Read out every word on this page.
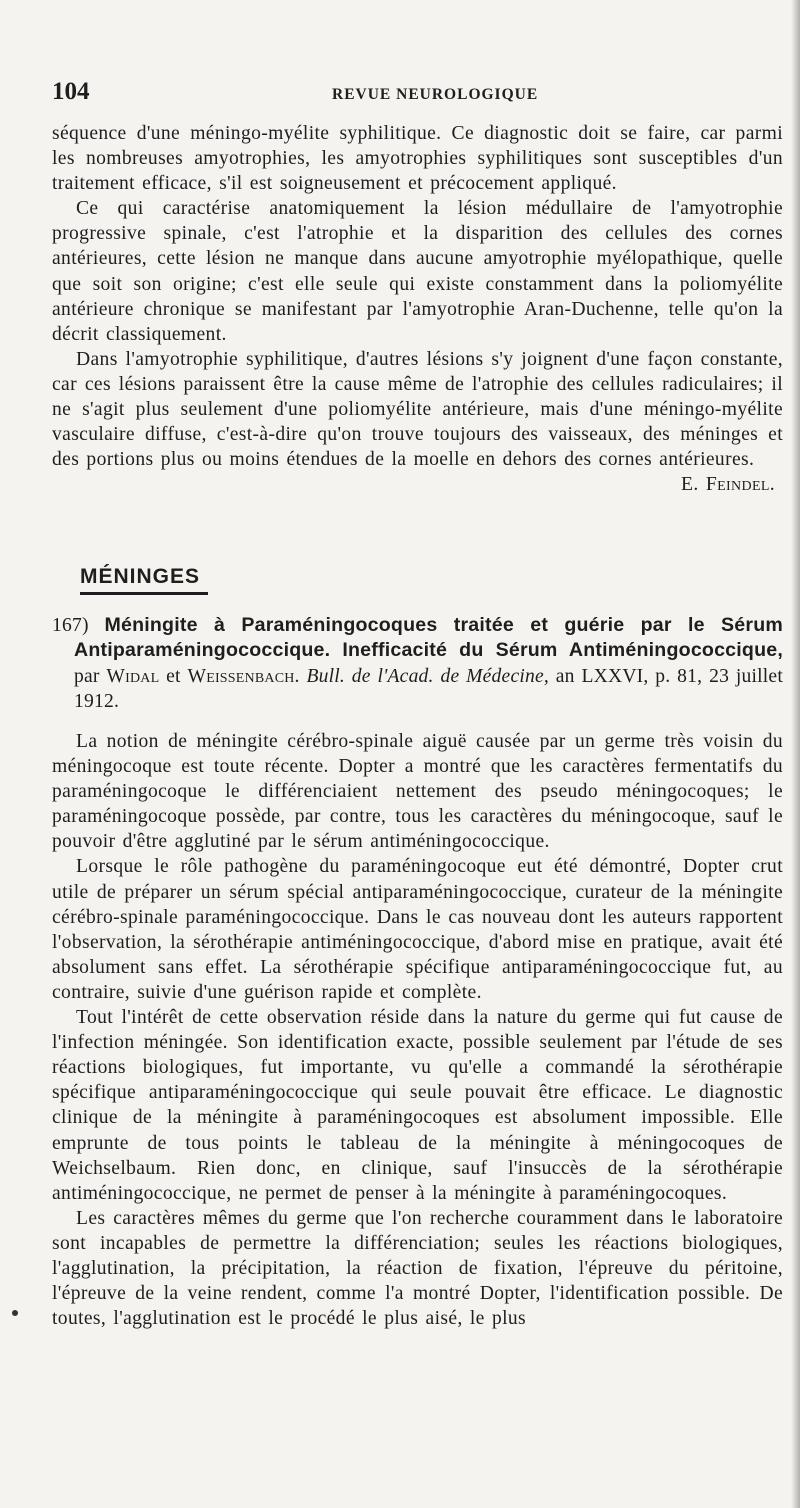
104	REVUE NEUROLOGIQUE

séquence d'une méningo-myélite syphilitique. Ce diagnostic doit se faire, car parmi les nombreuses amyotrophies, les amyotrophies syphilitiques sont susceptibles d'un traitement efficace, s'il est soigneusement et précocement appliqué.

Ce qui caractérise anatomiquement la lésion médullaire de l'amyotrophie progressive spinale, c'est l'atrophie et la disparition des cellules des cornes antérieures, cette lésion ne manque dans aucune amyotrophie myélopathique, quelle que soit son origine; c'est elle seule qui existe constamment dans la poliomyélite antérieure chronique se manifestant par l'amyotrophie Aran-Duchenne, telle qu'on la décrit classiquement.

Dans l'amyotrophie syphilitique, d'autres lésions s'y joignent d'une façon constante, car ces lésions paraissent être la cause même de l'atrophie des cellules radiculaires; il ne s'agit plus seulement d'une poliomyélite antérieure, mais d'une méningo-myélite vasculaire diffuse, c'est-à-dire qu'on trouve toujours des vaisseaux, des méninges et des portions plus ou moins étendues de la moelle en dehors des cornes antérieures.
E. Feindel.

MÉNINGES
167) Méningite à Paraméningocoques traitée et guérie par le Sérum Antiparaméningococcique. Inefficacité du Sérum Antiméningococcique, par Widal et Weissenbach. Bull. de l'Acad. de Médecine, an LXXVI, p. 81, 23 juillet 1912.

La notion de méningite cérébro-spinale aiguë causée par un germe très voisin du méningocoque est toute récente. Dopter a montré que les caractères fermentatifs du paraméningocoque le différenciaient nettement des pseudo méningocoques; le paraméningocoque possède, par contre, tous les caractères du méningocoque, sauf le pouvoir d'être agglutiné par le sérum antiméningococcique.

Lorsque le rôle pathogène du paraméningocoque eut été démontré, Dopter crut utile de préparer un sérum spécial antiparaméningococcique, curateur de la méningite cérébro-spinale paraméningococcique. Dans le cas nouveau dont les auteurs rapportent l'observation, la sérothérapie antiméningococcique, d'abord mise en pratique, avait été absolument sans effet. La sérothérapie spécifique antiparaméningococcique fut, au contraire, suivie d'une guérison rapide et complète.

Tout l'intérêt de cette observation réside dans la nature du germe qui fut cause de l'infection méningée. Son identification exacte, possible seulement par l'étude de ses réactions biologiques, fut importante, vu qu'elle a commandé la sérothérapie spécifique antiparaméningococcique qui seule pouvait être efficace. Le diagnostic clinique de la méningite à paraméningocoques est absolument impossible. Elle emprunte de tous points le tableau de la méningite à méningocoques de Weichselbaum. Rien donc, en clinique, sauf l'insuccès de la sérothérapie antiméningococcique, ne permet de penser à la méningite à paraméningocoques.

Les caractères mêmes du germe que l'on recherche couramment dans le laboratoire sont incapables de permettre la différenciation; seules les réactions biologiques, l'agglutination, la précipitation, la réaction de fixation, l'épreuve du péritoine, l'épreuve de la veine rendent, comme l'a montré Dopter, l'identification possible. De toutes, l'agglutination est le procédé le plus aisé, le plus
